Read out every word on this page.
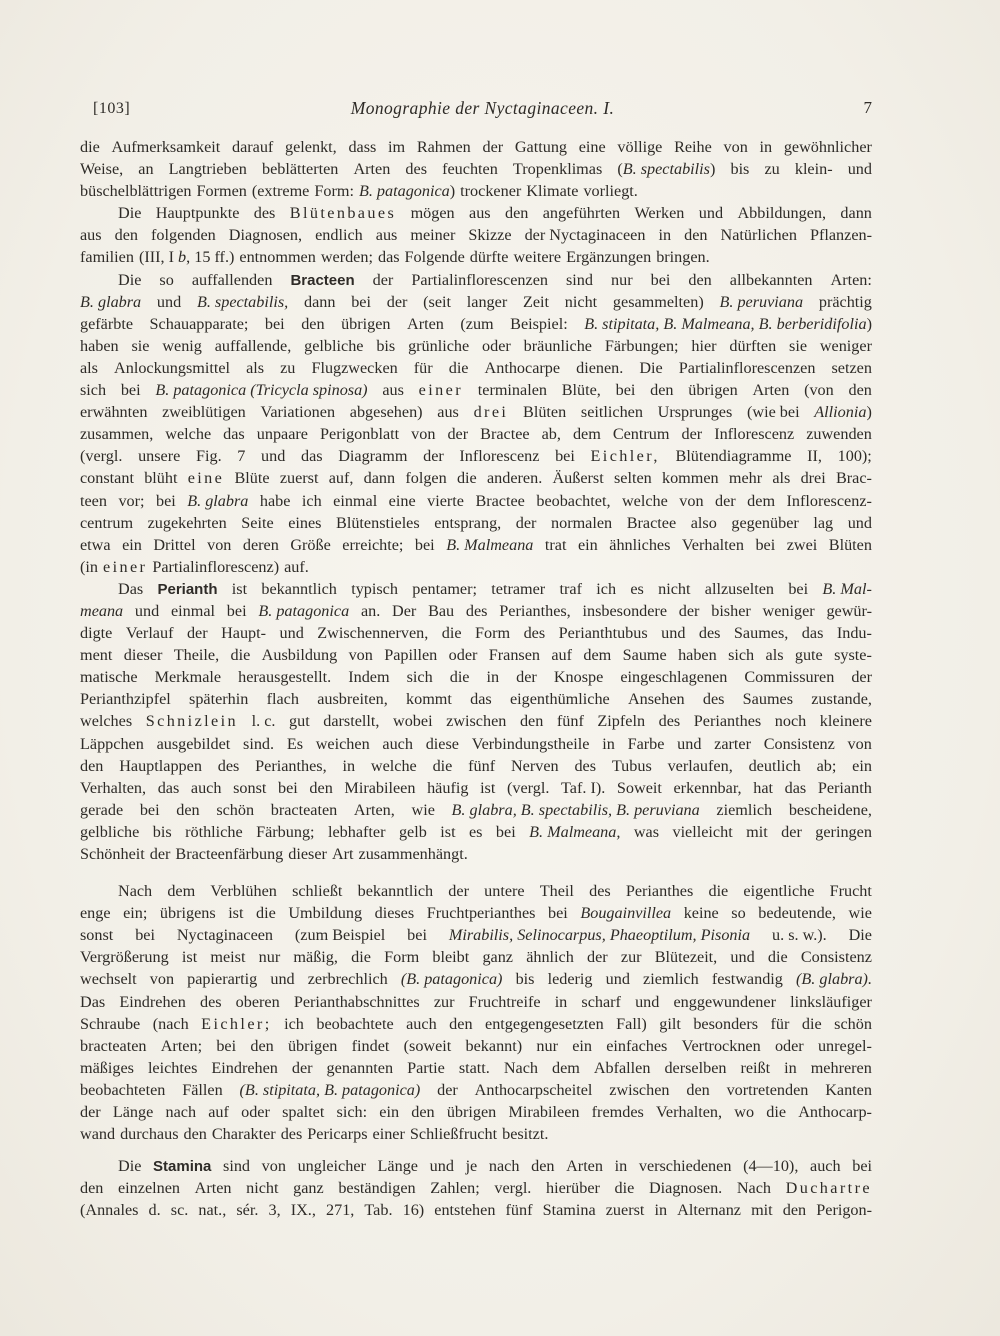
[103]	Monographie der Nyctaginaceen. I.	7
die Aufmerksamkeit darauf gelenkt, dass im Rahmen der Gattung eine völlige Reihe von in gewöhnlicher
Weise, an Langtrieben beblätterten Arten des feuchten Tropenklimas (B. spectabilis) bis zu klein- und
büschelblättrigen Formen (extreme Form: B. patagonica) trockener Klimate vorliegt.
Die Hauptpunkte des Blütenbaues mögen aus den angeführten Werken und Abbildungen, dann
aus den folgenden Diagnosen, endlich aus meiner Skizze der Nyctaginaceen in den Natürlichen Pflanzen-
familien (III, I b, 15 ff.) entnommen werden; das Folgende dürfte weitere Ergänzungen bringen.
Die so auffallenden Bracteen der Partialinflorescenzen sind nur bei den allbekannten Arten:
B. glabra und B. spectabilis, dann bei der (seit langer Zeit nicht gesammelten) B. peruviana prächtig
gefärbte Schauapparate; bei den übrigen Arten (zum Beispiel: B. stipitata, B. Malmeana, B. berberidifolia)
haben sie wenig auffallende, gelbliche bis grünliche oder bräunliche Färbungen; hier dürften sie weniger
als Anlockungsmittel als zu Flugzwecken für die Anthocarpe dienen. Die Partialinflorescenzen setzen
sich bei B. patagonica (Tricycla spinosa) aus einer terminalen Blüte, bei den übrigen Arten (von den
erwähnten zweiblütigen Variationen abgesehen) aus drei Blüten seitlichen Ursprunges (wie bei Allionia)
zusammen, welche das unpaare Perigonblatt von der Bractee ab, dem Centrum der Inflorescenz zuwenden
(vergl. unsere Fig. 7 und das Diagramm der Inflorescenz bei Eichler, Blütendiagramme II, 100);
constant blüht eine Blüte zuerst auf, dann folgen die anderen. Äußerst selten kommen mehr als drei Brac-
teen vor; bei B. glabra habe ich einmal eine vierte Bractee beobachtet, welche von der dem Inflorescenz-
centrum zugekehrten Seite eines Blütenstieles entsprang, der normalen Bractee also gegenüber lag und
etwa ein Drittel von deren Größe erreichte; bei B. Malmeana trat ein ähnliches Verhalten bei zwei Blüten
(in einer Partialinflorescenz) auf.
Das Perianth ist bekanntlich typisch pentamer; tetramer traf ich es nicht allzuselten bei B. Mal-
meana und einmal bei B. patagonica an. Der Bau des Perianthes, insbesondere der bisher weniger gewür-
digte Verlauf der Haupt- und Zwischennerven, die Form des Perianthtubus und des Saumes, das Indu-
ment dieser Theile, die Ausbildung von Papillen oder Fransen auf dem Saume haben sich als gute syste-
matische Merkmale herausgestellt. Indem sich die in der Knospe eingeschlagenen Commissuren der
Perianthzipfel späterhin flach ausbreiten, kommt das eigenthümliche Ansehen des Saumes zustande,
welches Schnizlein l. c. gut darstellt, wobei zwischen den fünf Zipfeln des Perianthes noch kleinere
Läppchen ausgebildet sind. Es weichen auch diese Verbindungstheile in Farbe und zarter Consistenz von
den Hauptlappen des Perianthes, in welche die fünf Nerven des Tubus verlaufen, deutlich ab; ein
Verhalten, das auch sonst bei den Mirabileen häufig ist (vergl. Taf. I). Soweit erkennbar, hat das Perianth
gerade bei den schön bracteaten Arten, wie B. glabra, B. spectabilis, B. peruviana ziemlich bescheidene,
gelbliche bis röthliche Färbung; lebhafter gelb ist es bei B. Malmeana, was vielleicht mit der geringen
Schönheit der Bracteenfärbung dieser Art zusammenhängt.
Nach dem Verblühen schließt bekanntlich der untere Theil des Perianthes die eigentliche Frucht
enge ein; übrigens ist die Umbildung dieses Fruchtperianthes bei Bougainvillea keine so bedeutende, wie
sonst bei Nyctaginaceen (zum Beispiel bei Mirabilis, Selinocarpus, Phaeoptilum, Pisonia u. s. w.). Die
Vergrößerung ist meist nur mäßig, die Form bleibt ganz ähnlich der zur Blütezeit, und die Consistenz
wechselt von papierartig und zerbrechlich (B. patagonica) bis lederig und ziemlich festwandig (B. glabra).
Das Eindrehen des oberen Perianthabschnittes zur Fruchtreife in scharf und enggewundener linksläufiger
Schraube (nach Eichler; ich beobachtete auch den entgegengesetzten Fall) gilt besonders für die schön
bracteaten Arten; bei den übrigen findet (soweit bekannt) nur ein einfaches Vertrocknen oder unregel-
mäßiges leichtes Eindrehen der genannten Partie statt. Nach dem Abfallen derselben reißt in mehreren
beobachteten Fällen (B. stipitata, B. patagonica) der Anthocarpscheitel zwischen den vortretenden Kanten
der Länge nach auf oder spaltet sich: ein den übrigen Mirabileen fremdes Verhalten, wo die Anthocarp-
wand durchaus den Charakter des Pericarps einer Schließfrucht besitzt.
Die Stamina sind von ungleicher Länge und je nach den Arten in verschiedenen (4—10), auch bei
den einzelnen Arten nicht ganz beständigen Zahlen; vergl. hierüber die Diagnosen. Nach Duchartre
(Annales d. sc. nat., sér. 3, IX., 271, Tab. 16) entstehen fünf Stamina zuerst in Alternanz mit den Perigon-
